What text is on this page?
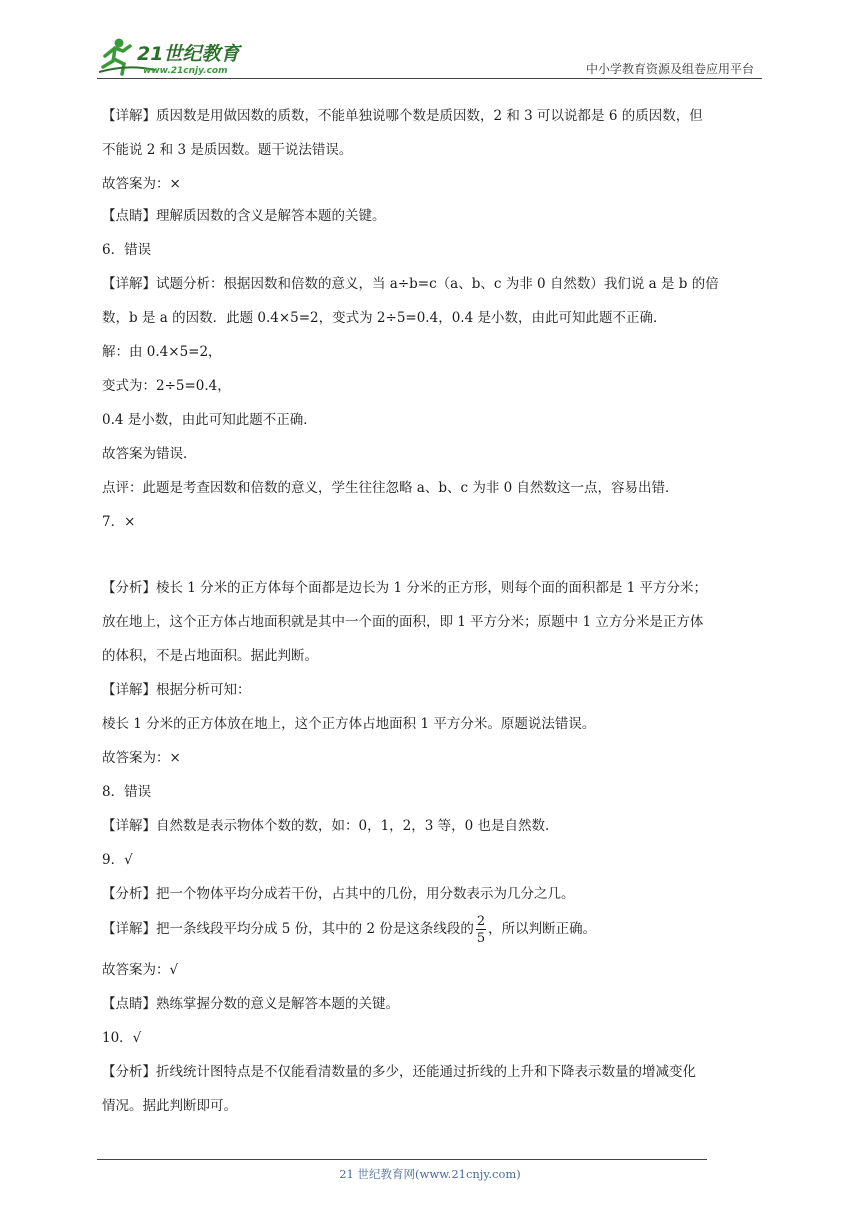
21世纪教育
www.21cnjy.com	中小学教育资源及组卷应用平台
【详解】质因数是用做因数的质数，不能单独说哪个数是质因数，2 和 3 可以说都是 6 的质因数，但
不能说 2 和 3 是质因数。题干说法错误。
故答案为：×
【点睛】理解质因数的含义是解答本题的关键。
6．错误
【详解】试题分析：根据因数和倍数的意义，当 a÷b=c（a、b、c 为非 0 自然数）我们说 a 是 b 的倍
数，b 是 a 的因数．此题 0.4×5=2，变式为 2÷5=0.4，0.4 是小数，由此可知此题不正确．
解：由 0.4×5=2，
变式为：2÷5=0.4，
0.4 是小数，由此可知此题不正确．
故答案为错误．
点评：此题是考查因数和倍数的意义，学生往往忽略 a、b、c 为非 0 自然数这一点，容易出错．
7．×
【分析】棱长 1 分米的正方体每个面都是边长为 1 分米的正方形，则每个面的面积都是 1 平方分米；
放在地上，这个正方体占地面积就是其中一个面的面积，即 1 平方分米；原题中 1 立方分米是正方体
的体积，不是占地面积。据此判断。
【详解】根据分析可知：
棱长 1 分米的正方体放在地上，这个正方体占地面积 1 平方分米。原题说法错误。
故答案为：×
8．错误
【详解】自然数是表示物体个数的数，如：0，1，2，3 等，0 也是自然数．
9．√
【分析】把一个物体平均分成若干份，占其中的几份，用分数表示为几分之几。
【详解】把一条线段平均分成 5 份，其中的 2 份是这条线段的 $\frac{2}{5}$ ，所以判断正确。
故答案为：√
【点睛】熟练掌握分数的意义是解答本题的关键。
10．√
【分析】折线统计图特点是不仅能看清数量的多少，还能通过折线的上升和下降表示数量的增减变化
情况。据此判断即可。
21 世纪教育网(www.21cnjy.com)
